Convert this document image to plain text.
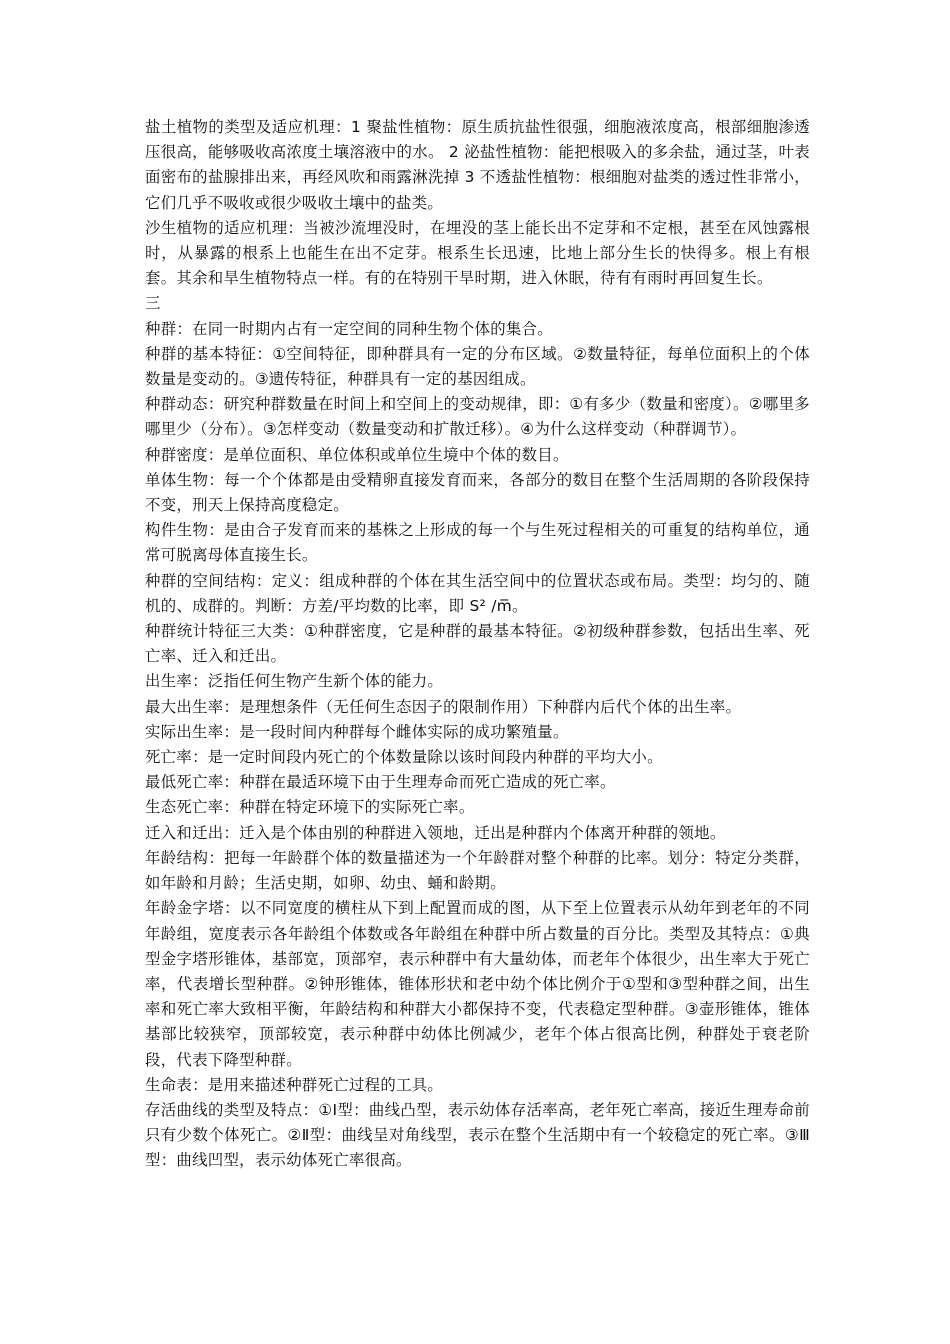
盐土植物的类型及适应机理：1 聚盐性植物：原生质抗盐性很强，细胞液浓度高，根部细胞渗透压很高，能够吸收高浓度土壤溶液中的水。 2 泌盐性植物：能把根吸入的多余盐，通过茎，叶表面密布的盐腺排出来，再经风吹和雨露淋洗掉 3 不透盐性植物：根细胞对盐类的透过性非常小，它们几乎不吸收或很少吸收土壤中的盐类。

沙生植物的适应机理：当被沙流埋没时，在埋没的茎上能长出不定芽和不定根，甚至在风蚀露根时，从暴露的根系上也能生在出不定芽。根系生长迅速，比地上部分生长的快得多。根上有根套。其余和旱生植物特点一样。有的在特别干旱时期，进入休眠，待有有雨时再回复生长。

三

种群：在同一时期内占有一定空间的同种生物个体的集合。

种群的基本特征：①空间特征，即种群具有一定的分布区域。②数量特征，每单位面积上的个体数量是变动的。③遗传特征，种群具有一定的基因组成。

种群动态：研究种群数量在时间上和空间上的变动规律，即：①有多少（数量和密度）。②哪里多哪里少（分布）。③怎样变动（数量变动和扩散迁移）。④为什么这样变动（种群调节）。

种群密度：是单位面积、单位体积或单位生境中个体的数目。

单体生物：每一个个体都是由受精卵直接发育而来，各部分的数目在整个生活周期的各阶段保持不变，刑天上保持高度稳定。

构件生物：是由合子发育而来的基株之上形成的每一个与生死过程相关的可重复的结构单位，通常可脱离母体直接生长。

种群的空间结构：定义：组成种群的个体在其生活空间中的位置状态或布局。类型：均匀的、随机的、成群的。判断：方差/平均数的比率，即 S² /m̅。

种群统计特征三大类：①种群密度，它是种群的最基本特征。②初级种群参数，包括出生率、死亡率、迁入和迁出。

出生率：泛指任何生物产生新个体的能力。

最大出生率：是理想条件（无任何生态因子的限制作用）下种群内后代个体的出生率。

实际出生率：是一段时间内种群每个雌体实际的成功繁殖量。

死亡率：是一定时间段内死亡的个体数量除以该时间段内种群的平均大小。

最低死亡率：种群在最适环境下由于生理寿命而死亡造成的死亡率。

生态死亡率：种群在特定环境下的实际死亡率。

迁入和迁出：迁入是个体由别的种群进入领地，迁出是种群内个体离开种群的领地。

年龄结构：把每一年龄群个体的数量描述为一个年龄群对整个种群的比率。划分：特定分类群，如年龄和月龄；生活史期，如卵、幼虫、蛹和龄期。

年龄金字塔：以不同宽度的横柱从下到上配置而成的图，从下至上位置表示从幼年到老年的不同年龄组，宽度表示各年龄组个体数或各年龄组在种群中所占数量的百分比。类型及其特点：①典型金字塔形锥体，基部宽，顶部窄，表示种群中有大量幼体，而老年个体很少，出生率大于死亡率，代表增长型种群。②钟形锥体，锥体形状和老中幼个体比例介于①型和③型种群之间，出生率和死亡率大致相平衡，年龄结构和种群大小都保持不变，代表稳定型种群。③壶形锥体，锥体基部比较狭窄，顶部较宽，表示种群中幼体比例减少，老年个体占很高比例，种群处于衰老阶段，代表下降型种群。

生命表：是用来描述种群死亡过程的工具。

存活曲线的类型及特点：①Ⅰ型：曲线凸型，表示幼体存活率高，老年死亡率高，接近生理寿命前只有少数个体死亡。②Ⅱ型：曲线呈对角线型，表示在整个生活期中有一个较稳定的死亡率。③Ⅲ型：曲线凹型，表示幼体死亡率很高。
